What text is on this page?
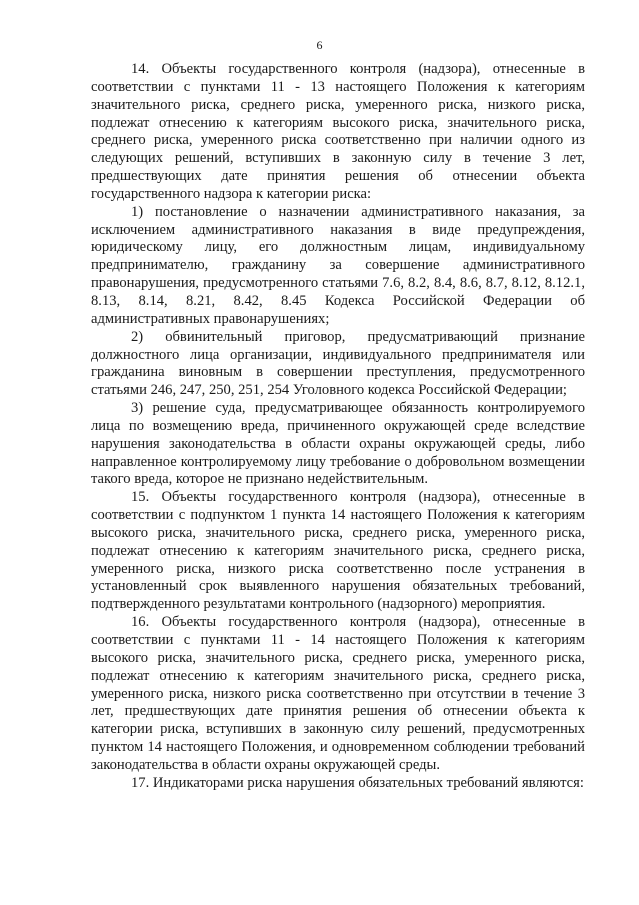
6

14. Объекты государственного контроля (надзора), отнесенные в соответствии с пунктами 11 - 13 настоящего Положения к категориям значительного риска, среднего риска, умеренного риска, низкого риска, подлежат отнесению к категориям высокого риска, значительного риска, среднего риска, умеренного риска соответственно при наличии одного из следующих решений, вступивших в законную силу в течение 3 лет, предшествующих дате принятия решения об отнесении объекта государственного надзора к категории риска:

1) постановление о назначении административного наказания, за исключением административного наказания в виде предупреждения, юридическому лицу, его должностным лицам, индивидуальному предпринимателю, гражданину за совершение административного правонарушения, предусмотренного статьями 7.6, 8.2, 8.4, 8.6, 8.7, 8.12, 8.12.1, 8.13, 8.14, 8.21, 8.42, 8.45 Кодекса Российской Федерации об административных правонарушениях;

2) обвинительный приговор, предусматривающий признание должностного лица организации, индивидуального предпринимателя или гражданина виновным в совершении преступления, предусмотренного статьями 246, 247, 250, 251, 254 Уголовного кодекса Российской Федерации;

3) решение суда, предусматривающее обязанность контролируемого лица по возмещению вреда, причиненного окружающей среде вследствие нарушения законодательства в области охраны окружающей среды, либо направленное контролируемому лицу требование о добровольном возмещении такого вреда, которое не признано недействительным.

15. Объекты государственного контроля (надзора), отнесенные в соответствии с подпунктом 1 пункта 14 настоящего Положения к категориям высокого риска, значительного риска, среднего риска, умеренного риска, подлежат отнесению к категориям значительного риска, среднего риска, умеренного риска, низкого риска соответственно после устранения в установленный срок выявленного нарушения обязательных требований, подтвержденного результатами контрольного (надзорного) мероприятия.

16. Объекты государственного контроля (надзора), отнесенные в соответствии с пунктами 11 - 14 настоящего Положения к категориям высокого риска, значительного риска, среднего риска, умеренного риска, подлежат отнесению к категориям значительного риска, среднего риска, умеренного риска, низкого риска соответственно при отсутствии в течение 3 лет, предшествующих дате принятия решения об отнесении объекта к категории риска, вступивших в законную силу решений, предусмотренных пунктом 14 настоящего Положения, и одновременном соблюдении требований законодательства в области охраны окружающей среды.

17. Индикаторами риска нарушения обязательных требований являются:
